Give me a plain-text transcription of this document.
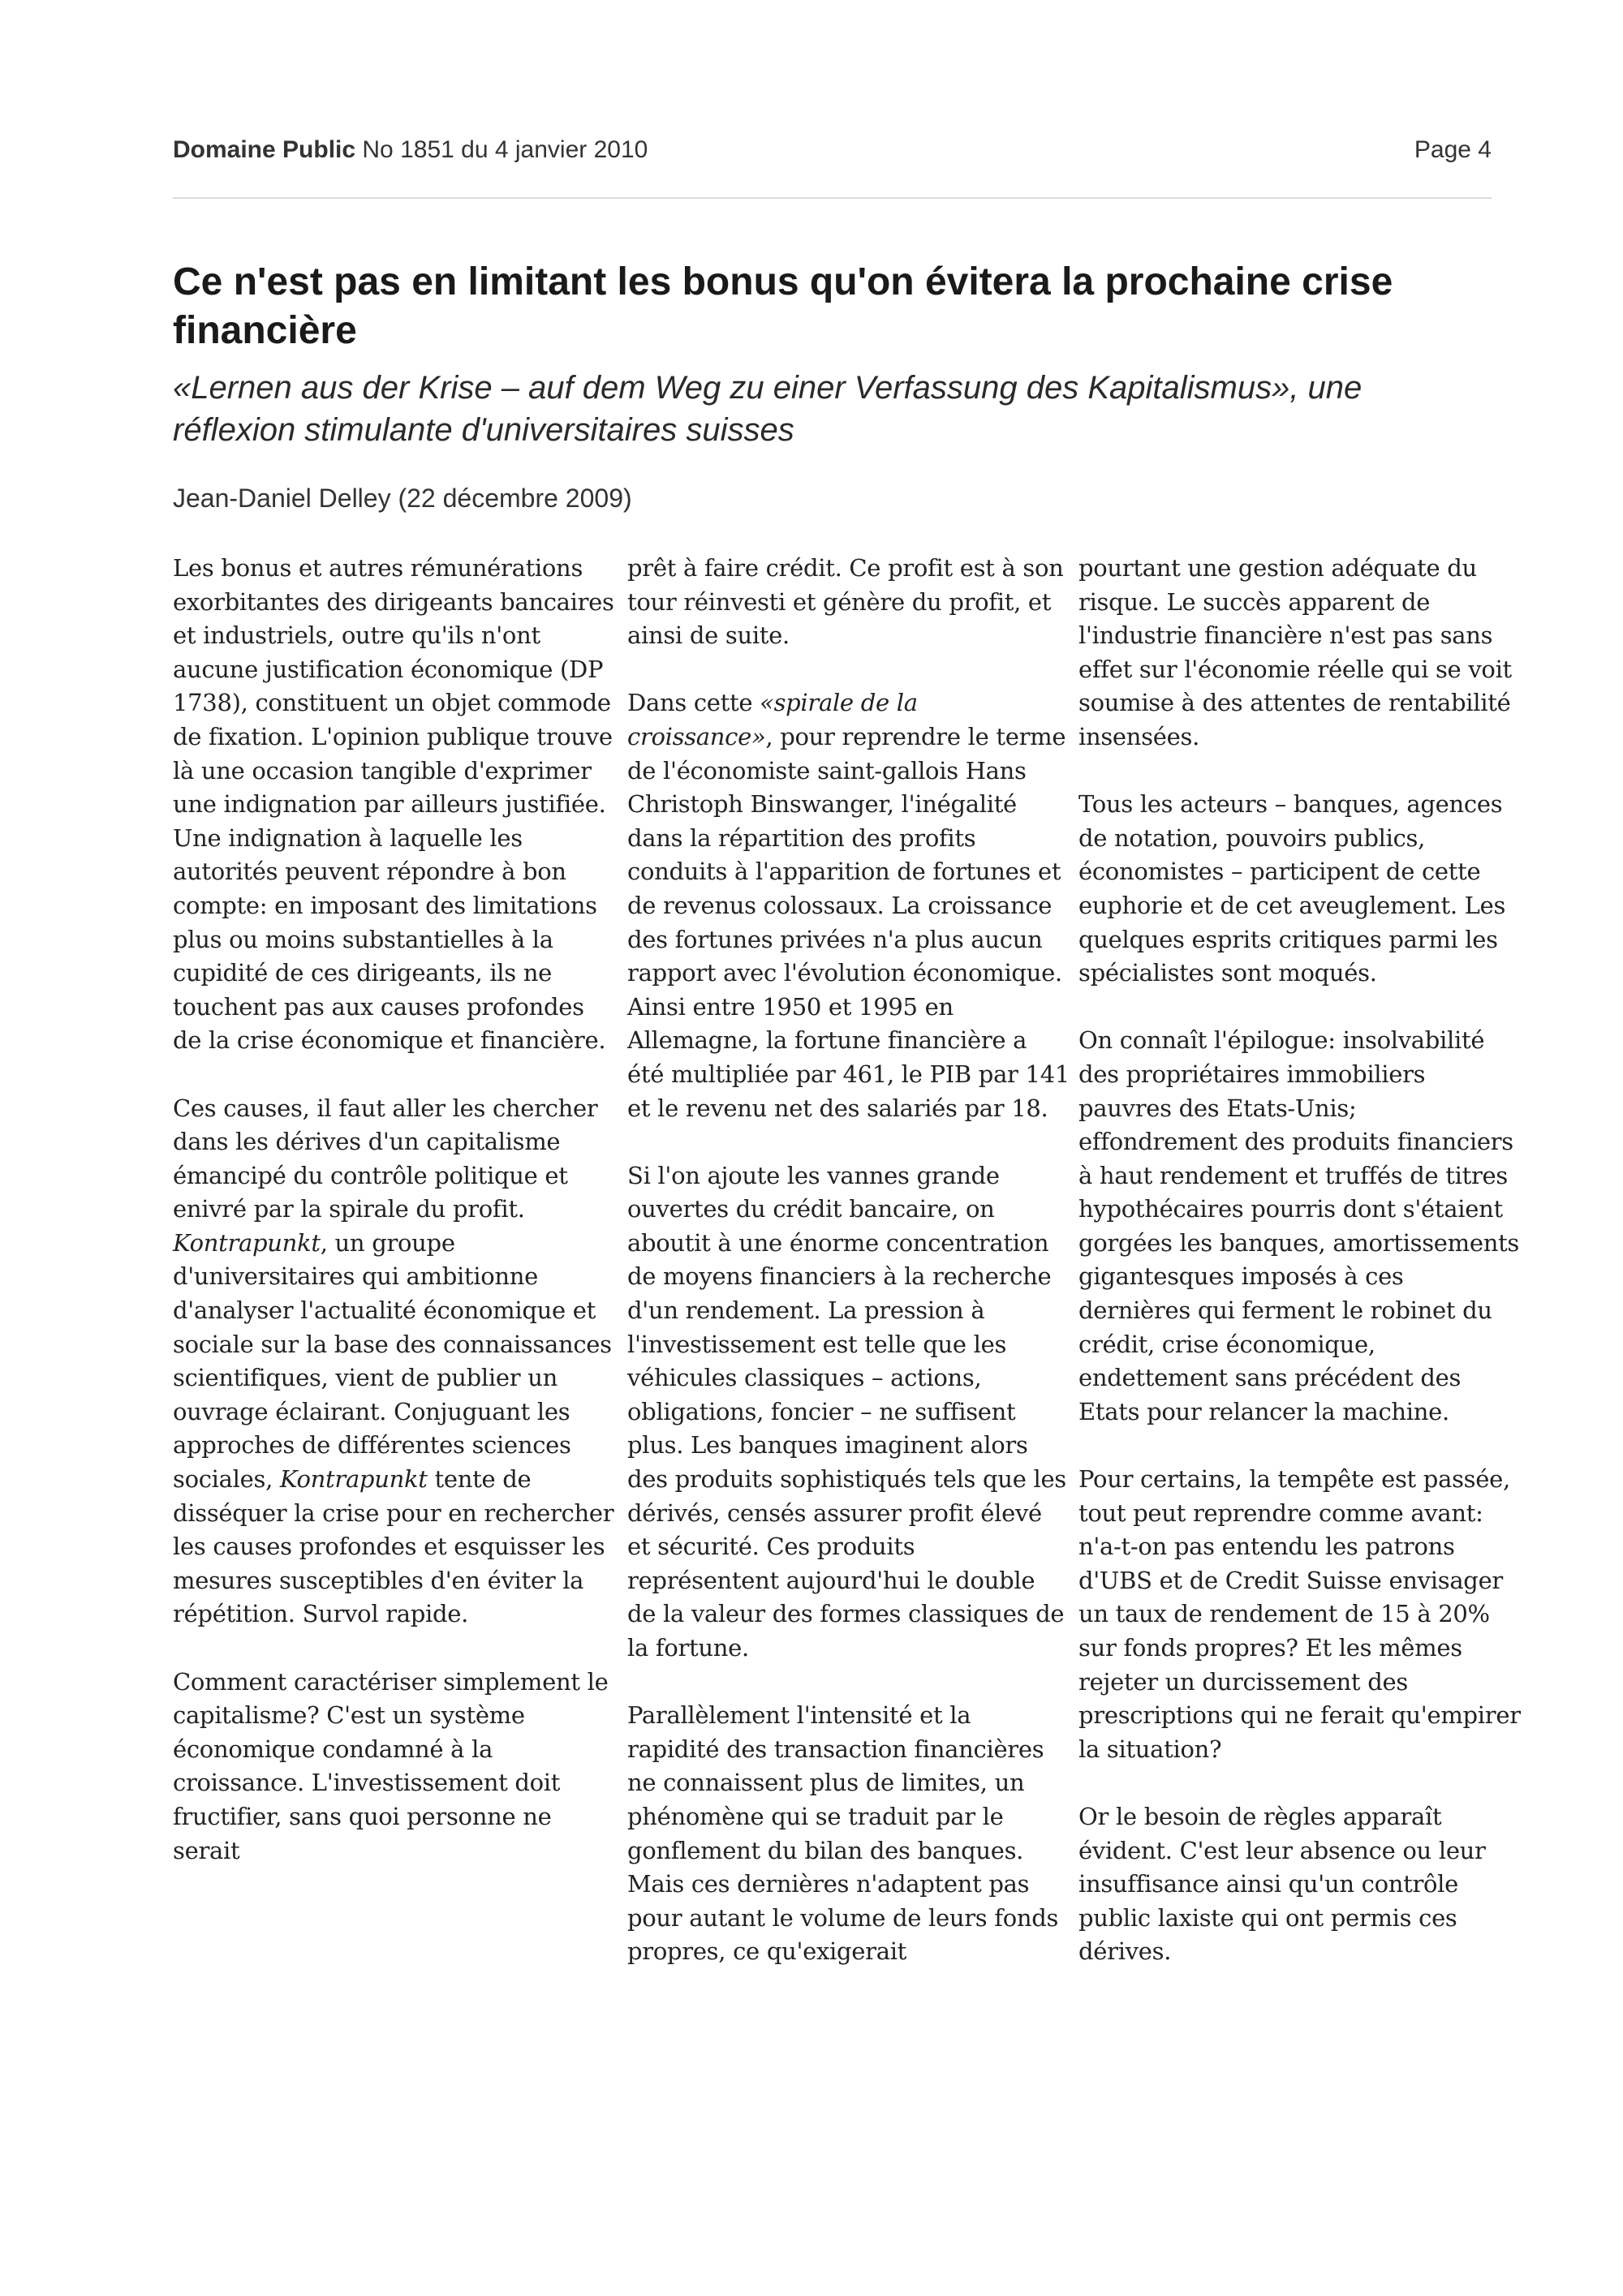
Domaine Public No 1851 du 4 janvier 2010	Page 4
Ce n'est pas en limitant les bonus qu'on évitera la prochaine crise financière

«Lernen aus der Krise – auf dem Weg zu einer Verfassung des Kapitalismus», une réflexion stimulante d'universitaires suisses

Jean-Daniel Delley (22 décembre 2009)

Les bonus et autres rémunérations exorbitantes des dirigeants bancaires et industriels, outre qu'ils n'ont aucune justification économique (DP 1738), constituent un objet commode de fixation. L'opinion publique trouve là une occasion tangible d'exprimer une indignation par ailleurs justifiée. Une indignation à laquelle les autorités peuvent répondre à bon compte: en imposant des limitations plus ou moins substantielles à la cupidité de ces dirigeants, ils ne touchent pas aux causes profondes de la crise économique et financière.

Ces causes, il faut aller les chercher dans les dérives d'un capitalisme émancipé du contrôle politique et enivré par la spirale du profit. Kontrapunkt, un groupe d'universitaires qui ambitionne d'analyser l'actualité économique et sociale sur la base des connaissances scientifiques, vient de publier un ouvrage éclairant. Conjuguant les approches de différentes sciences sociales, Kontrapunkt tente de disséquer la crise pour en rechercher les causes profondes et esquisser les mesures susceptibles d'en éviter la répétition. Survol rapide.

Comment caractériser simplement le capitalisme? C'est un système économique condamné à la croissance. L'investissement doit fructifier, sans quoi personne ne serait

prêt à faire crédit. Ce profit est à son tour réinvesti et génère du profit, et ainsi de suite.

Dans cette «spirale de la croissance», pour reprendre le terme de l'économiste saint-gallois Hans Christoph Binswanger, l'inégalité dans la répartition des profits conduits à l'apparition de fortunes et de revenus colossaux. La croissance des fortunes privées n'a plus aucun rapport avec l'évolution économique. Ainsi entre 1950 et 1995 en Allemagne, la fortune financière a été multipliée par 461, le PIB par 141 et le revenu net des salariés par 18.

Si l'on ajoute les vannes grande ouvertes du crédit bancaire, on aboutit à une énorme concentration de moyens financiers à la recherche d'un rendement. La pression à l'investissement est telle que les véhicules classiques – actions, obligations, foncier – ne suffisent plus. Les banques imaginent alors des produits sophistiqués tels que les dérivés, censés assurer profit élevé et sécurité. Ces produits représentent aujourd'hui le double de la valeur des formes classiques de la fortune.

Parallèlement l'intensité et la rapidité des transaction financières ne connaissent plus de limites, un phénomène qui se traduit par le gonflement du bilan des banques. Mais ces dernières n'adaptent pas pour autant le volume de leurs fonds propres, ce qu'exigerait

pourtant une gestion adéquate du risque. Le succès apparent de l'industrie financière n'est pas sans effet sur l'économie réelle qui se voit soumise à des attentes de rentabilité insensées.

Tous les acteurs – banques, agences de notation, pouvoirs publics, économistes – participent de cette euphorie et de cet aveuglement. Les quelques esprits critiques parmi les spécialistes sont moqués.

On connaît l'épilogue: insolvabilité des propriétaires immobiliers pauvres des Etats-Unis; effondrement des produits financiers à haut rendement et truffés de titres hypothécaires pourris dont s'étaient gorgées les banques, amortissements gigantesques imposés à ces dernières qui ferment le robinet du crédit, crise économique, endettement sans précédent des Etats pour relancer la machine.

Pour certains, la tempête est passée, tout peut reprendre comme avant: n'a-t-on pas entendu les patrons d'UBS et de Credit Suisse envisager un taux de rendement de 15 à 20% sur fonds propres? Et les mêmes rejeter un durcissement des prescriptions qui ne ferait qu'empirer la situation?

Or le besoin de règles apparaît évident. C'est leur absence ou leur insuffisance ainsi qu'un contrôle public laxiste qui ont permis ces dérives.
